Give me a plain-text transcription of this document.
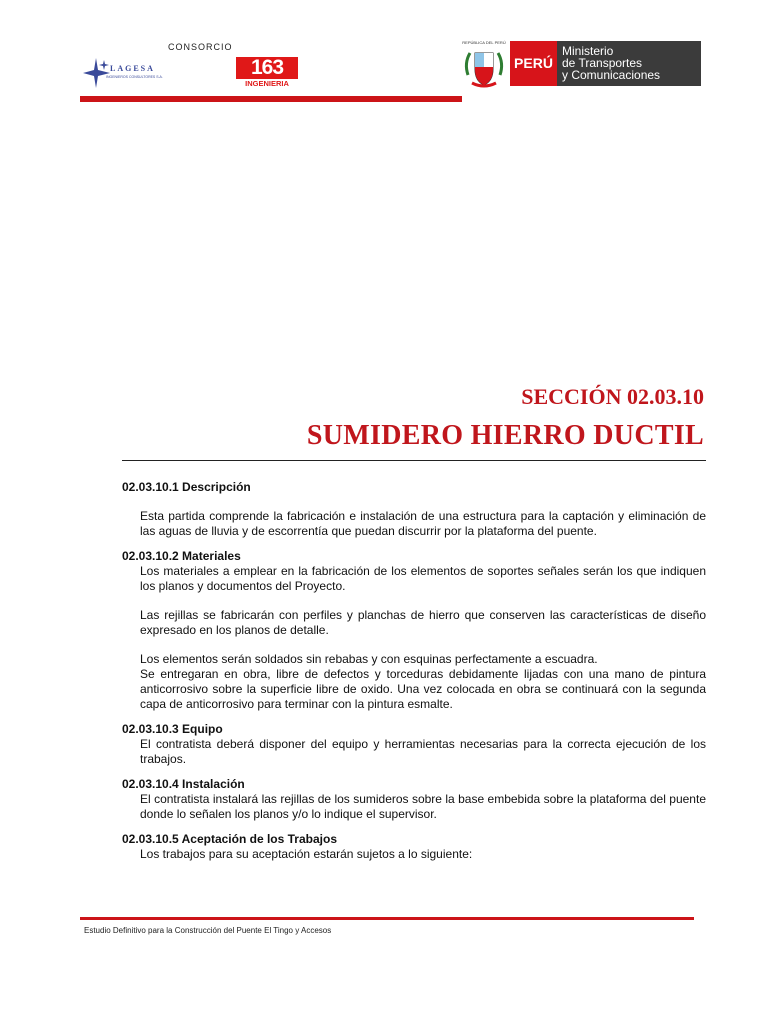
CONSORCIO
LAGESA
INGENIEROS CONSULTORES S.A.	163
INGENIERIA
REPÚBLICA DEL PERÚ
PERÚ
Ministerio
de Transportes
y Comunicaciones
SECCIÓN 02.03.10
SUMIDERO HIERRO DUCTIL

02.03.10.1 Descripción

Esta partida comprende la fabricación e instalación de una estructura para la captación y eliminación de las aguas de lluvia y de escorrentía que puedan discurrir por la plataforma del puente.

02.03.10.2 Materiales

Los materiales a emplear en la fabricación de los elementos de soportes señales serán los que indiquen los planos y documentos del Proyecto.

Las rejillas se fabricarán con perfiles y planchas de hierro que conserven las características de diseño expresado en los planos de detalle.

Los elementos serán soldados sin rebabas y con esquinas perfectamente a escuadra.

Se entregaran en obra, libre de defectos y torceduras debidamente lijadas con una mano de pintura anticorrosivo sobre la superficie libre de oxido. Una vez colocada en obra se continuará con la segunda capa de anticorrosivo para terminar con la pintura esmalte.

02.03.10.3 Equipo

El contratista deberá disponer del equipo y herramientas necesarias para la correcta ejecución de los trabajos.

02.03.10.4 Instalación

El contratista instalará las rejillas de los sumideros sobre la base embebida sobre la plataforma del puente donde lo señalen los planos y/o lo indique el supervisor.

02.03.10.5 Aceptación de los Trabajos

Los trabajos para su aceptación estarán sujetos a lo siguiente:

Estudio Definitivo para la Construcción del Puente El Tingo y Accesos
